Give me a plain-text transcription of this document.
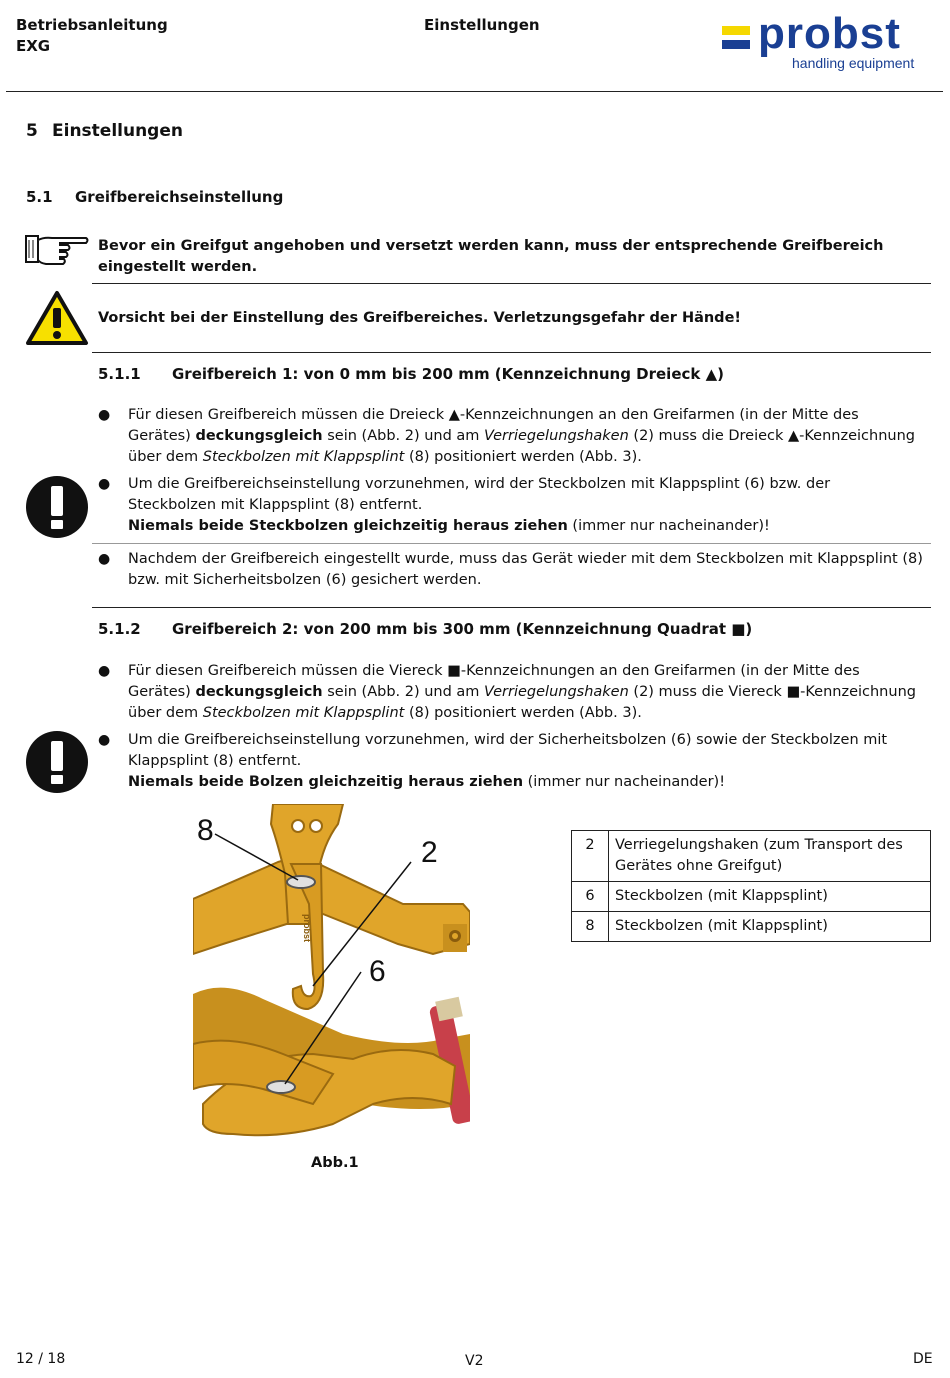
Betriebsanleitung
EXG
Einstellungen	probst
handling equipment
5 Einstellungen
5.1 Greifbereichseinstellung
Bevor ein Greifgut angehoben und versetzt werden kann, muss der entsprechende Greifbereich eingestellt werden.
Vorsicht bei der Einstellung des Greifbereiches. Verletzungsgefahr der Hände!
5.1.1 Greifbereich 1: von 0 mm bis 200 mm (Kennzeichnung Dreieck ▲)
● Für diesen Greifbereich müssen die Dreieck ▲-Kennzeichnungen an den Greifarmen (in der Mitte des
Gerätes) deckungsgleich sein (Abb. 2) und am Verriegelungshaken (2) muss die Dreieck ▲-Kennzeichnung
über dem Steckbolzen mit Klappsplint (8) positioniert werden (Abb. 3).
● Um die Greifbereichseinstellung vorzunehmen, wird der Steckbolzen mit Klappsplint (6) bzw. der
Steckbolzen mit Klappsplint (8) entfernt.
Niemals beide Steckbolzen gleichzeitig heraus ziehen (immer nur nacheinander)!
● Nachdem der Greifbereich eingestellt wurde, muss das Gerät wieder mit dem Steckbolzen mit Klappsplint (8)
bzw. mit Sicherheitsbolzen (6) gesichert werden.
5.1.2 Greifbereich 2: von 200 mm bis 300 mm (Kennzeichnung Quadrat ■)
● Für diesen Greifbereich müssen die Viereck ■-Kennzeichnungen an den Greifarmen (in der Mitte des
Gerätes) deckungsgleich sein (Abb. 2) und am Verriegelungshaken (2) muss die Viereck ■-Kennzeichnung
über dem Steckbolzen mit Klappsplint (8) positioniert werden (Abb. 3).
● Um die Greifbereichseinstellung vorzunehmen, wird der Sicherheitsbolzen (6) sowie der Steckbolzen mit
Klappsplint (8) entfernt.
Niemals beide Bolzen gleichzeitig heraus ziehen (immer nur nacheinander)!
probst
8
2
6
Abb.1
2	Verriegelungshaken (zum Transport des Gerätes ohne Greifgut)
6	Steckbolzen (mit Klappsplint)
8	Steckbolzen (mit Klappsplint)
12 / 18	V2	DE
